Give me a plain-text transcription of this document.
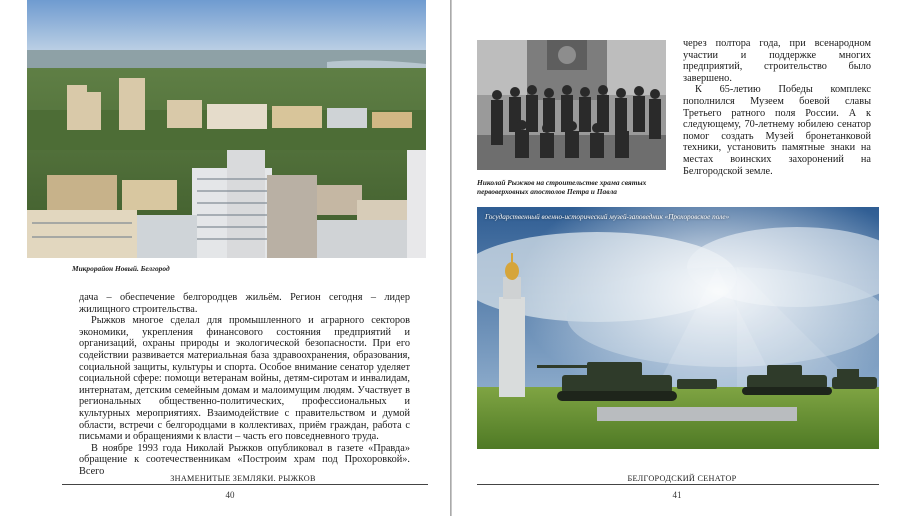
Микрорайон Новый. Белгород

дача – обеспечение белгородцев жильём. Регион сегодня – лидер жилищного строительства.

Рыжков многое сделал для промышленного и аграрного секторов экономики, укрепления финансового состояния предприятий и организаций, охраны природы и экологической безопасности. При его содействии развивается материальная база здравоохранения, образования, социальной защиты, культуры и спорта. Особое внимание сенатор уделяет социальной сфере: помощи ветеранам войны, детям-сиротам и инвалидам, интернатам, детским семейным домам и малоимущим людям. Участвует в региональных общественно-политических, профессиональных и культурных мероприятиях. Взаимодействие с правительством и думой области, встречи с белгородцами в коллективах, приём граждан, работа с письмами и обращениями к власти – часть его повседневного труда.

В ноябре 1993 года Николай Рыжков опубликовал в газете «Правда» обращение к соотечественникам «Построим храм под Прохоровкой». Всего

ЗНАМЕНИТЫЕ ЗЕМЛЯКИ. РЫЖКОВ
40
Николай Рыжков на строительстве храма святых первоверховных апостолов Петра и Павла

через полтора года, при всенародном участии и поддержке многих предприятий, строительство было завершено.

К 65-летию Победы комплекс пополнился Музеем боевой славы Третьего ратного поля России. А к следующему, 70-летнему юбилею сенатор помог создать Музей бронетанковой техники, установить памятные знаки на местах воинских захоронений на Белгородской земле.

Государственный военно-исторический музей-заповедник «Прохоровское поле»
БЕЛГОРОДСКИЙ СЕНАТОР
41
